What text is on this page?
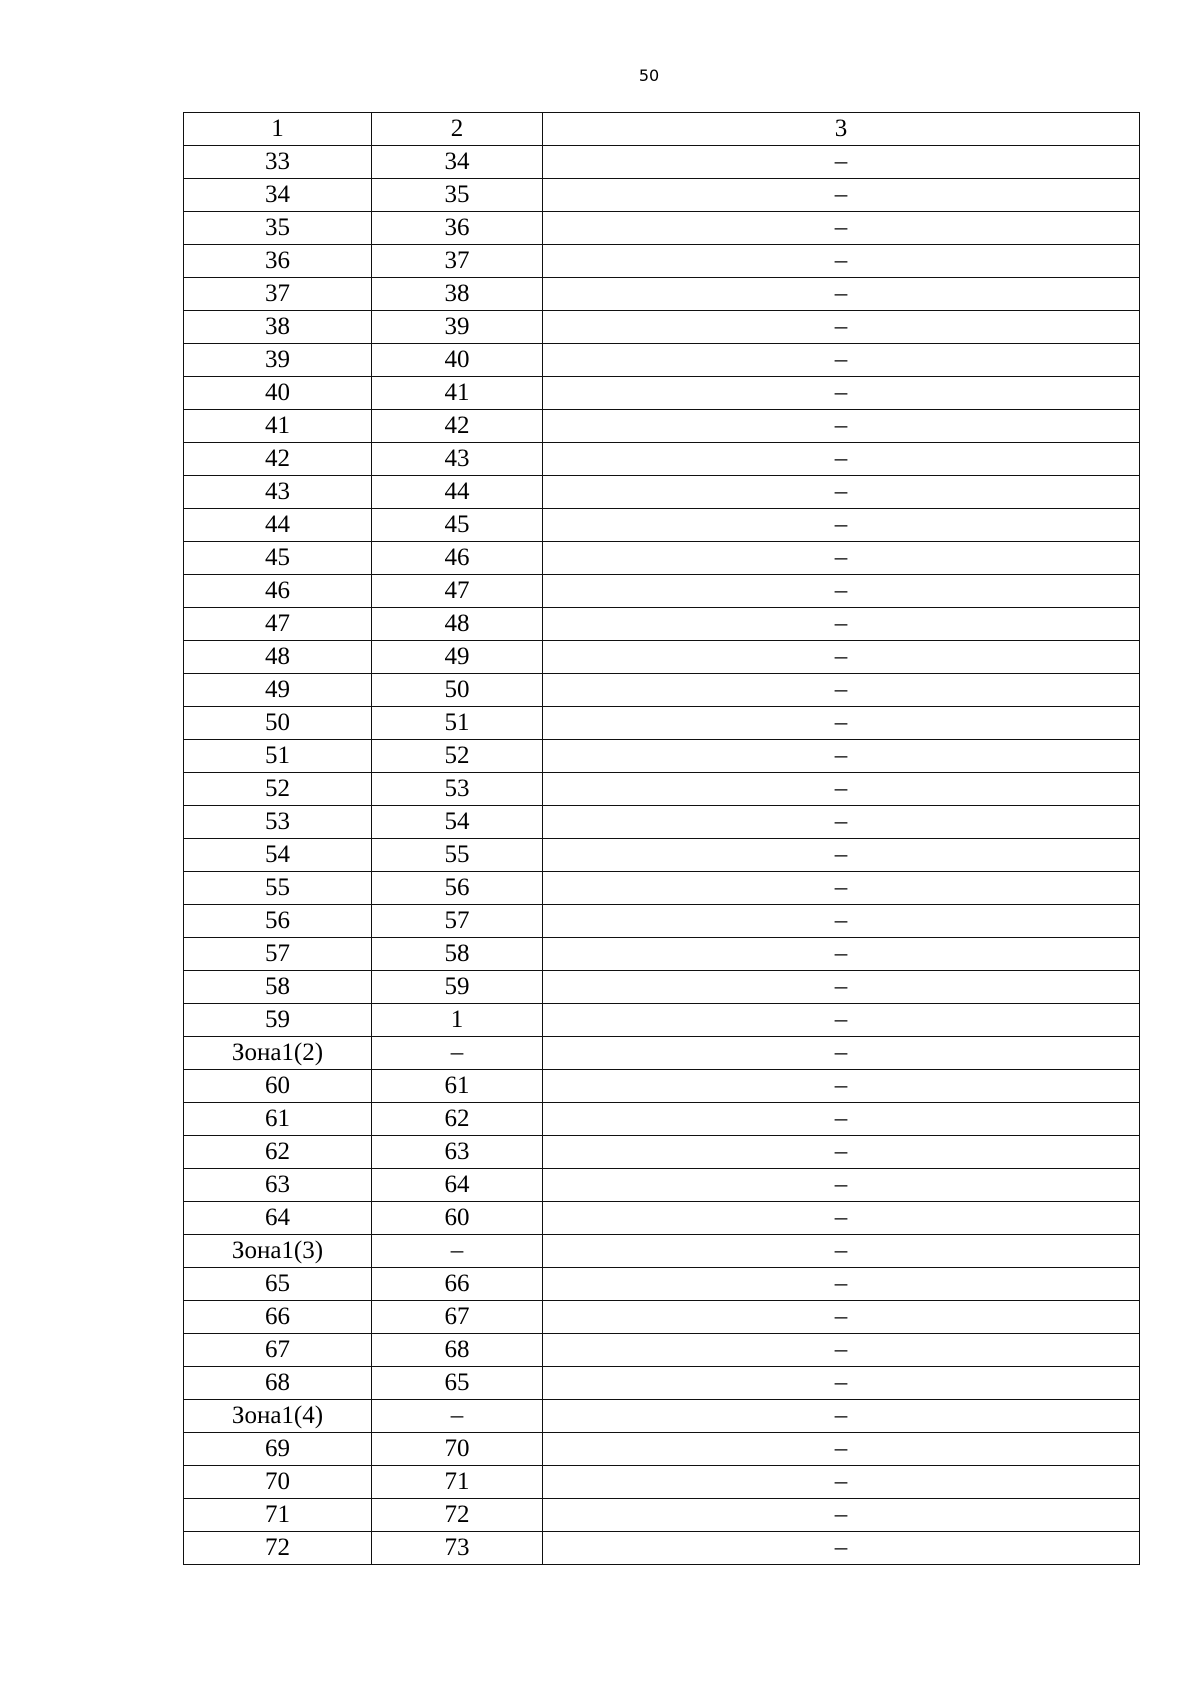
50
1	2	3
33	34	–
34	35	–
35	36	–
36	37	–
37	38	–
38	39	–
39	40	–
40	41	–
41	42	–
42	43	–
43	44	–
44	45	–
45	46	–
46	47	–
47	48	–
48	49	–
49	50	–
50	51	–
51	52	–
52	53	–
53	54	–
54	55	–
55	56	–
56	57	–
57	58	–
58	59	–
59	1	–
Зона1(2)	–	–
60	61	–
61	62	–
62	63	–
63	64	–
64	60	–
Зона1(3)	–	–
65	66	–
66	67	–
67	68	–
68	65	–
Зона1(4)	–	–
69	70	–
70	71	–
71	72	–
72	73	–
